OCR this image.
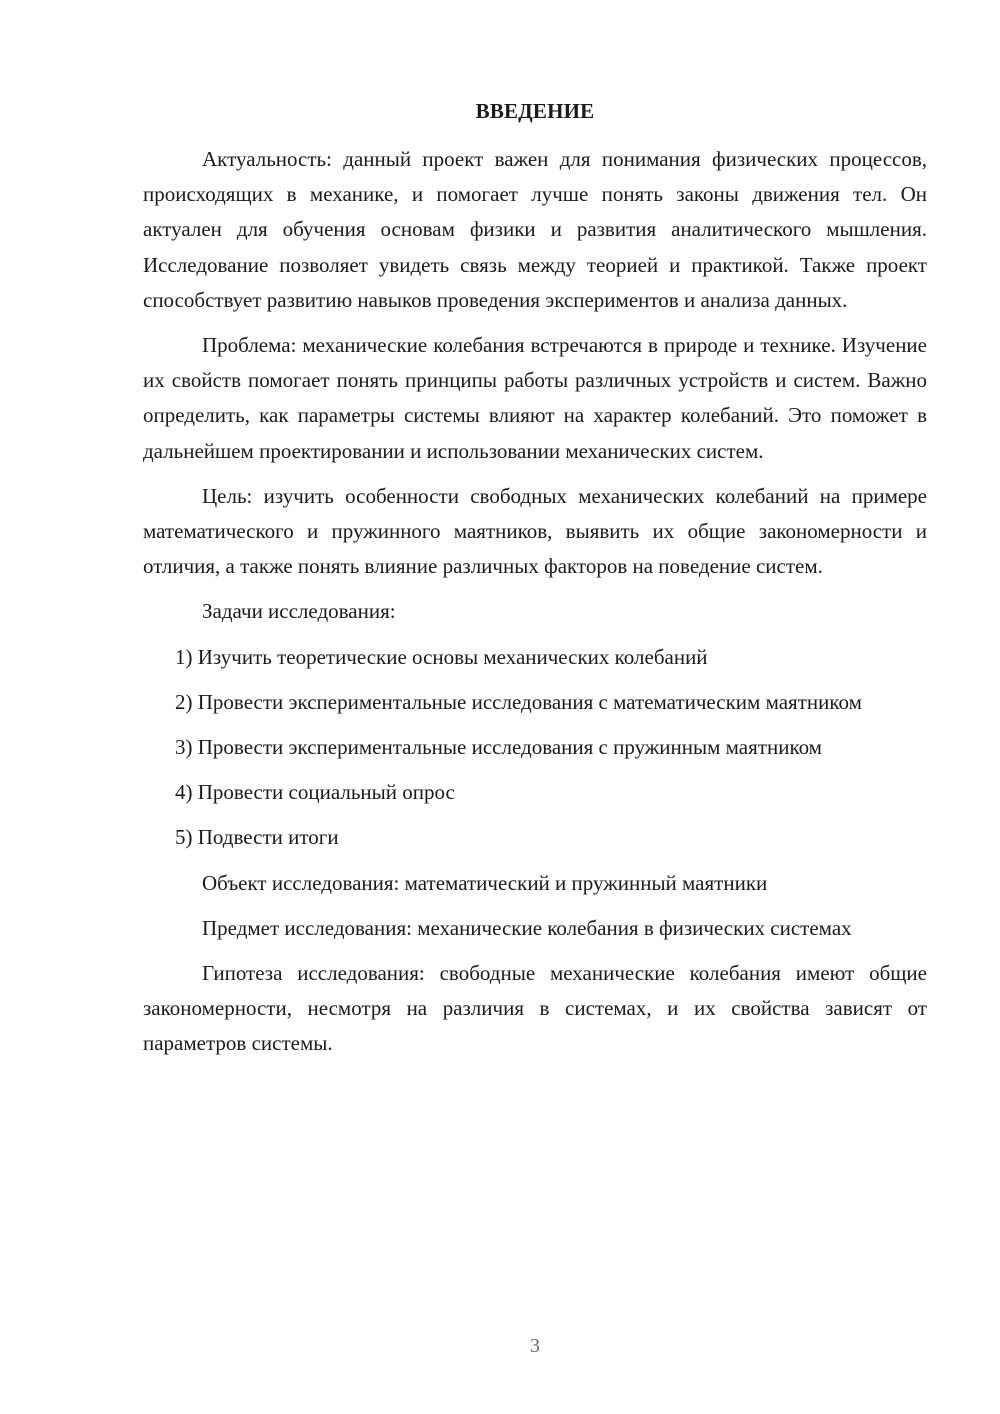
ВВЕДЕНИЕ

Актуальность: данный проект важен для понимания физических процессов, происходящих в механике, и помогает лучше понять законы движения тел. Он актуален для обучения основам физики и развития аналитического мышления. Исследование позволяет увидеть связь между теорией и практикой. Также проект способствует развитию навыков проведения экспериментов и анализа данных.

Проблема: механические колебания встречаются в природе и технике. Изучение их свойств помогает понять принципы работы различных устройств и систем. Важно определить, как параметры системы влияют на характер колебаний. Это поможет в дальнейшем проектировании и использовании механических систем.

Цель: изучить особенности свободных механических колебаний на примере математического и пружинного маятников, выявить их общие закономерности и отличия, а также понять влияние различных факторов на поведение систем.

Задачи исследования:

1) Изучить теоретические основы механических колебаний

2) Провести экспериментальные исследования с математическим маятником

3) Провести экспериментальные исследования с пружинным маятником

4) Провести социальный опрос

5) Подвести итоги

Объект исследования: математический и пружинный маятники

Предмет исследования: механические колебания в физических системах

Гипотеза исследования: свободные механические колебания имеют общие закономерности, несмотря на различия в системах, и их свойства зависят от параметров системы.

3
